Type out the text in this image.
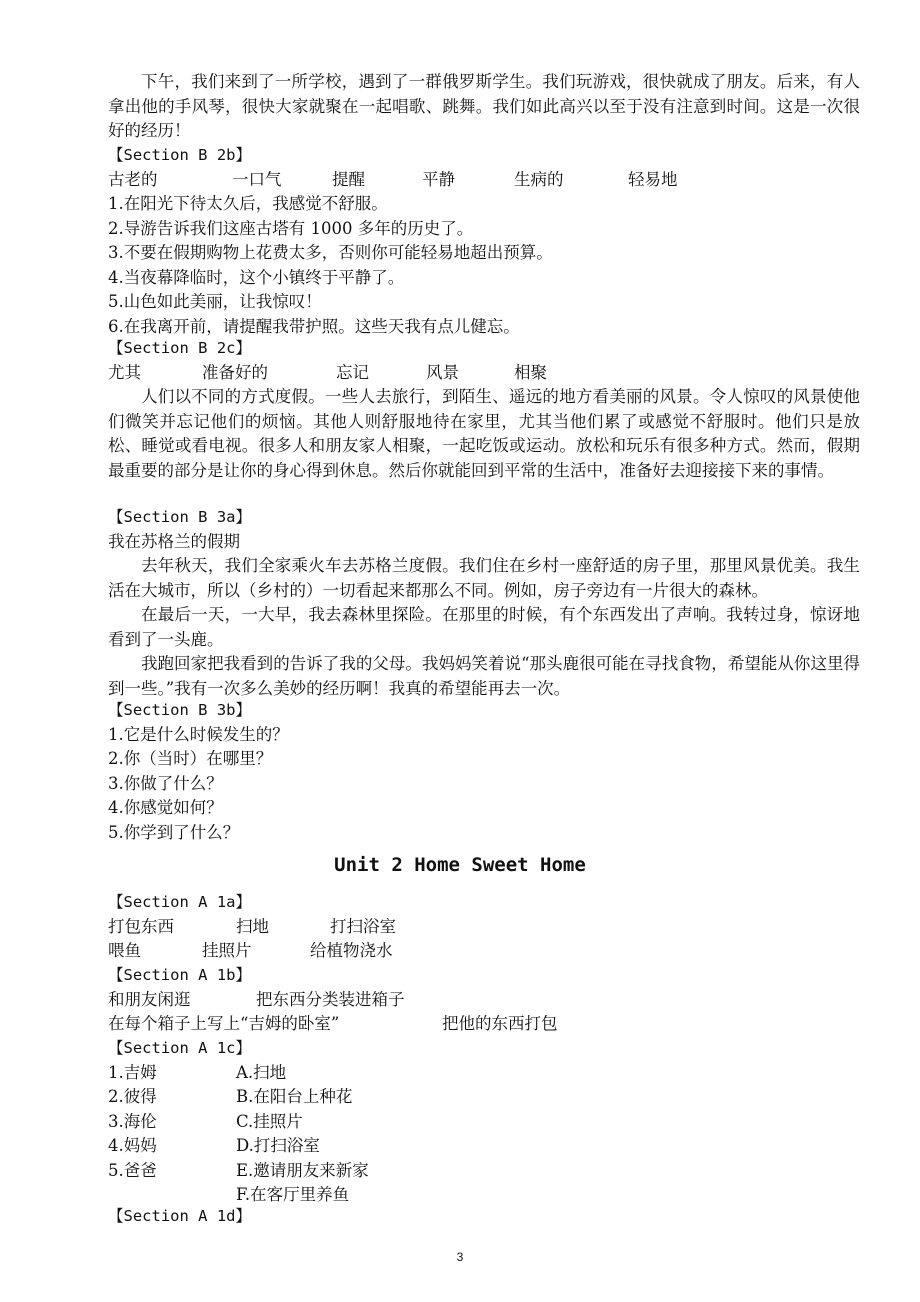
下午，我们来到了一所学校，遇到了一群俄罗斯学生。我们玩游戏，很快就成了朋友。后来，有人拿出他的手风琴，很快大家就聚在一起唱歌、跳舞。我们如此高兴以至于没有注意到时间。这是一次很好的经历！

【Section B 2b】
古老的	一口气	提醒	平静	生病的	轻易地
1.在阳光下待太久后，我感觉不舒服。
2.导游告诉我们这座古塔有 1000 多年的历史了。
3.不要在假期购物上花费太多，否则你可能轻易地超出预算。
4.当夜幕降临时，这个小镇终于平静了。
5.山色如此美丽，让我惊叹！
6.在我离开前，请提醒我带护照。这些天我有点儿健忘。
【Section B 2c】
尤其	准备好的	忘记	风景	相聚

人们以不同的方式度假。一些人去旅行，到陌生、遥远的地方看美丽的风景。令人惊叹的风景使他们微笑并忘记他们的烦恼。其他人则舒服地待在家里，尤其当他们累了或感觉不舒服时。他们只是放松、睡觉或看电视。很多人和朋友家人相聚，一起吃饭或运动。放松和玩乐有很多种方式。然而，假期最重要的部分是让你的身心得到休息。然后你就能回到平常的生活中，准备好去迎接接下来的事情。

【Section B 3a】
我在苏格兰的假期

去年秋天，我们全家乘火车去苏格兰度假。我们住在乡村一座舒适的房子里，那里风景优美。我生活在大城市，所以（乡村的）一切看起来都那么不同。例如，房子旁边有一片很大的森林。

在最后一天，一大早，我去森林里探险。在那里的时候，有个东西发出了声响。我转过身，惊讶地看到了一头鹿。

我跑回家把我看到的告诉了我的父母。我妈妈笑着说“那头鹿很可能在寻找食物，希望能从你这里得到一些。”我有一次多么美妙的经历啊！我真的希望能再去一次。

【Section B 3b】
1.它是什么时候发生的？
2.你（当时）在哪里？
3.你做了什么？
4.你感觉如何？
5.你学到了什么？
Unit 2 Home Sweet Home
【Section A 1a】
打包东西	扫地	打扫浴室
喂鱼	挂照片	给植物浇水
【Section A 1b】
和朋友闲逛	把东西分类装进箱子
在每个箱子上写上“吉姆的卧室”	把他的东西打包
【Section A 1c】
1.吉姆	A.扫地
2.彼得	B.在阳台上种花
3.海伦	C.挂照片
4.妈妈	D.打扫浴室
5.爸爸	E.邀请朋友来新家
F.在客厅里养鱼
【Section A 1d】
3
